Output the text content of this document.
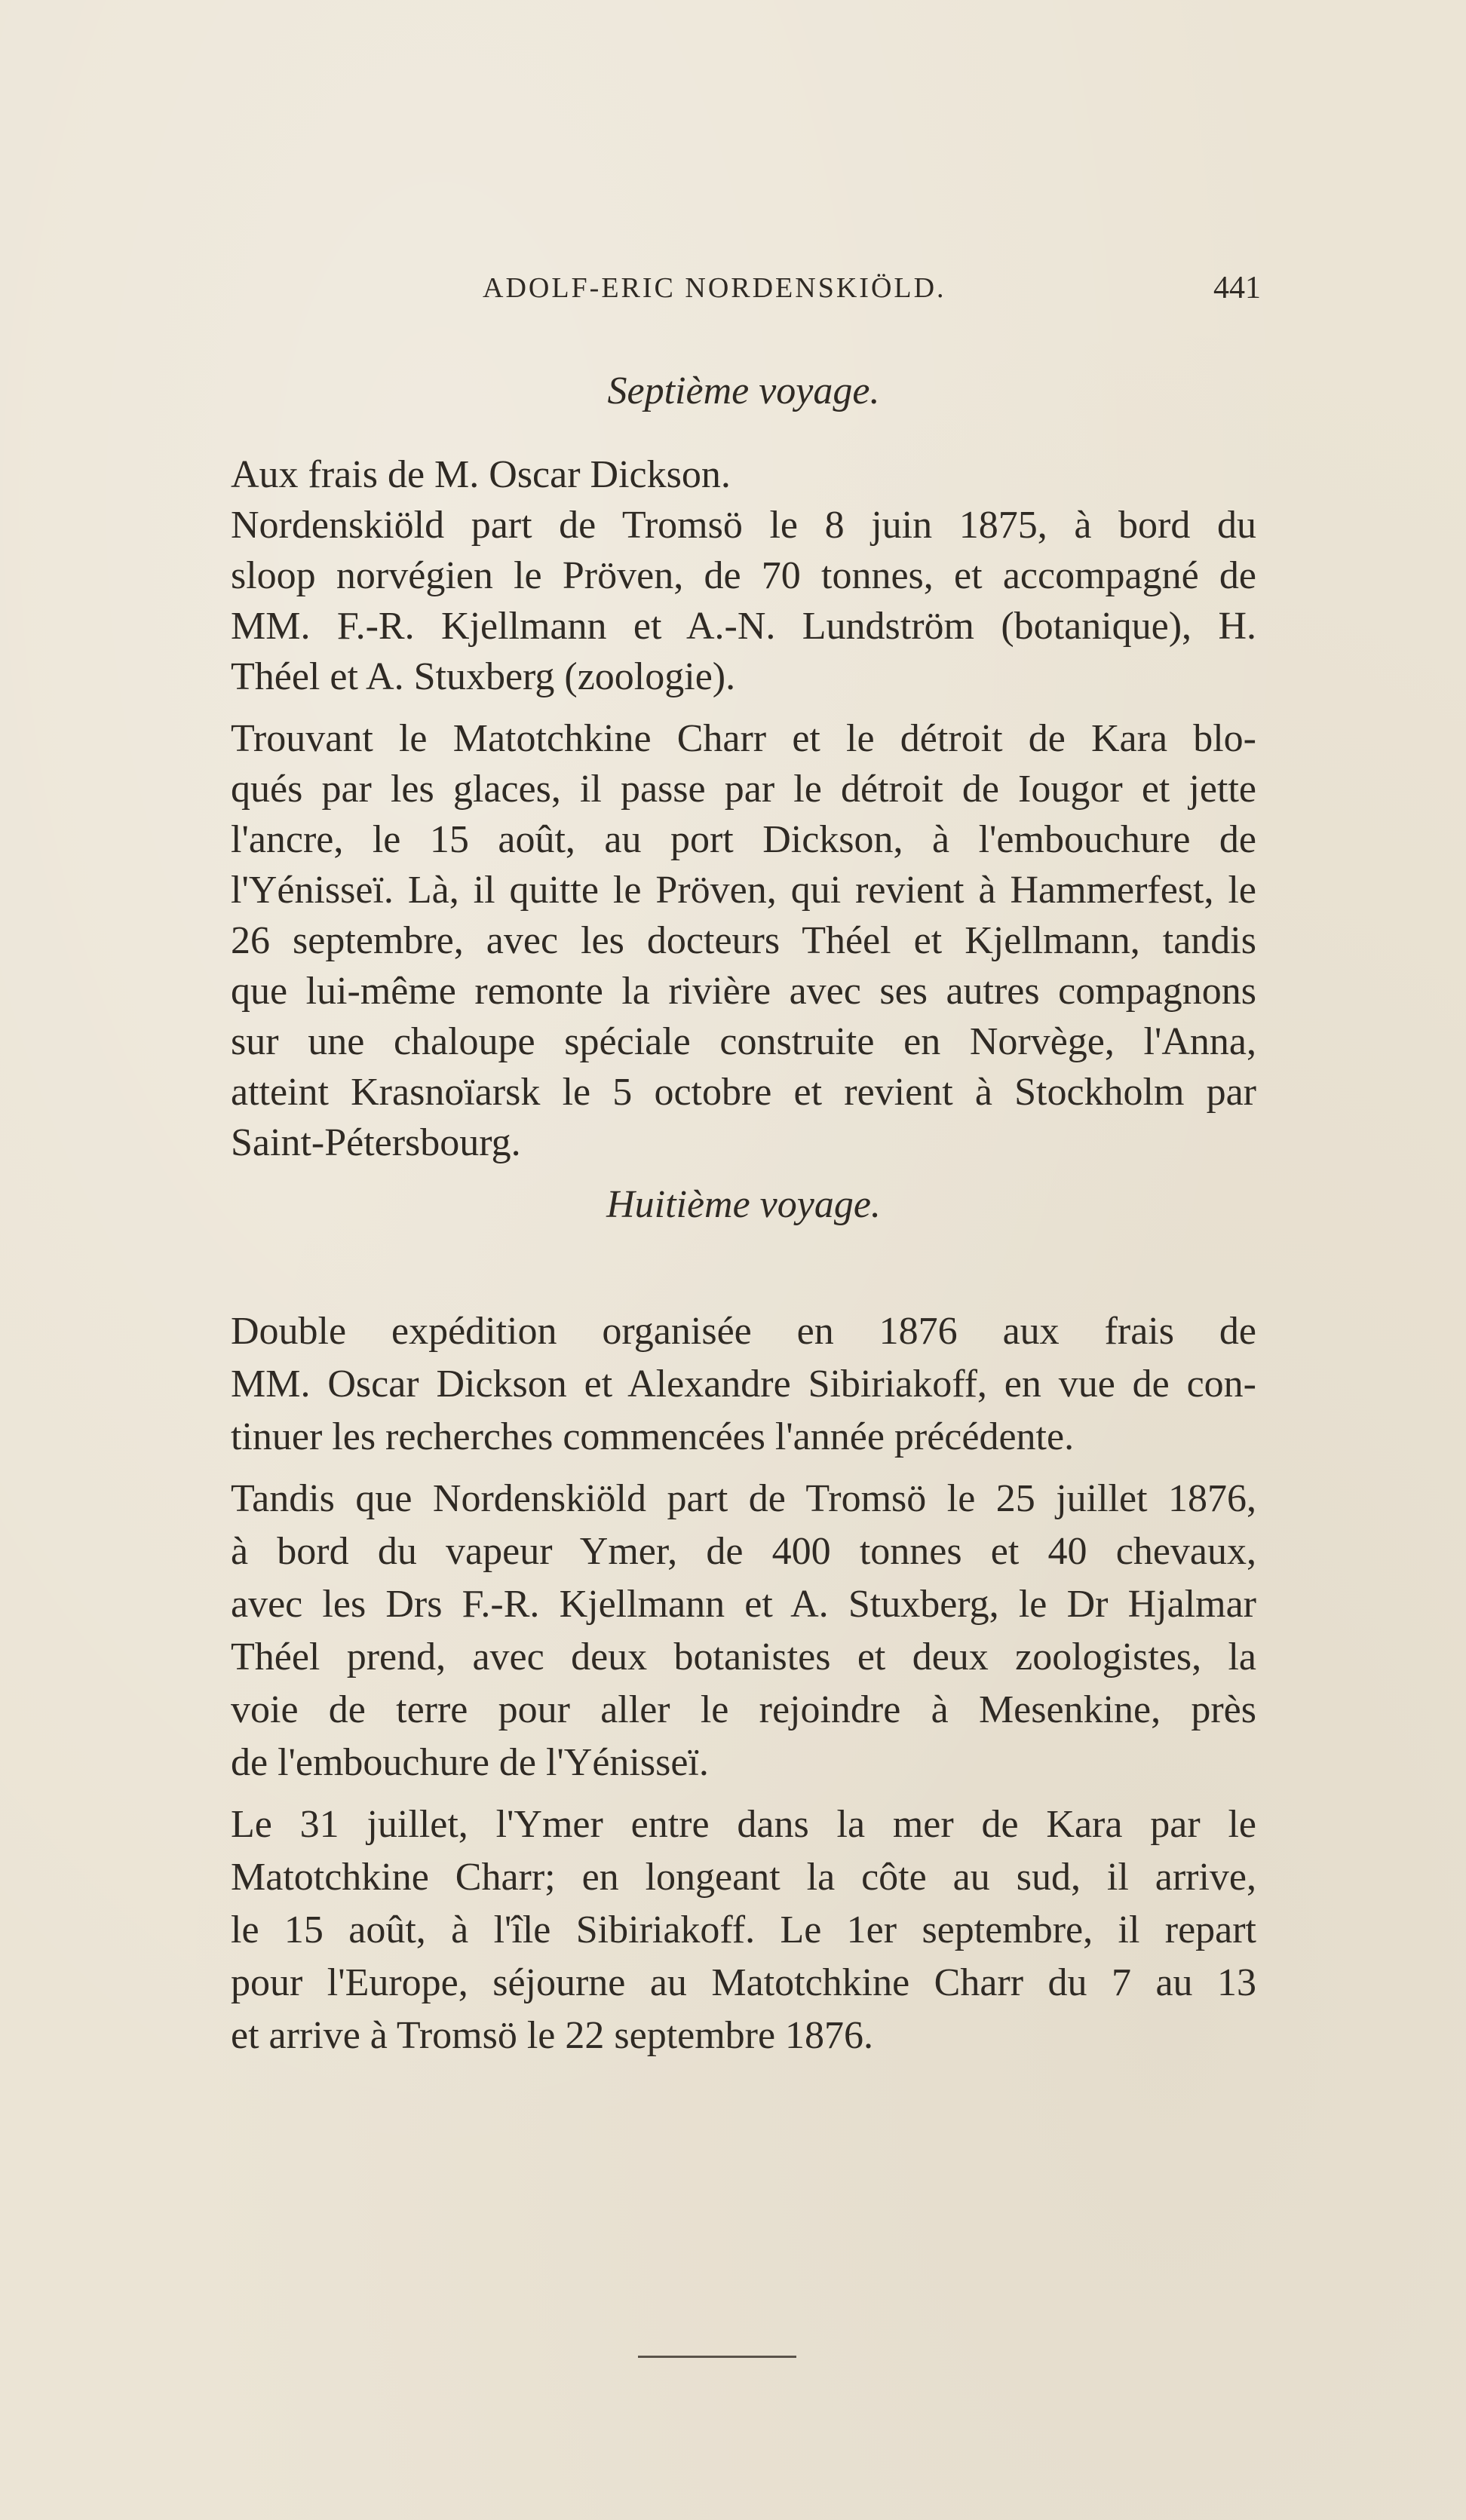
ADOLF-ERIC NORDENSKIÖLD.	441
Septième voyage.
Aux frais de M. Oscar Dickson.
Nordenskiöld part de Tromsö le 8 juin 1875, à bord du
sloop norvégien le Pröven, de 70 tonnes, et accompagné de
MM. F.-R. Kjellmann et A.-N. Lundström (botanique), H.
Théel et A. Stuxberg (zoologie).
Trouvant le Matotchkine Charr et le détroit de Kara blo-
qués par les glaces, il passe par le détroit de Iougor et jette
l'ancre, le 15 août, au port Dickson, à l'embouchure de
l'Yénisseï. Là, il quitte le Pröven, qui revient à Hammerfest, le
26 septembre, avec les docteurs Théel et Kjellmann, tandis
que lui-même remonte la rivière avec ses autres compagnons
sur une chaloupe spéciale construite en Norvège, l'Anna,
atteint Krasnoïarsk le 5 octobre et revient à Stockholm par
Saint-Pétersbourg.
Huitième voyage.
Double expédition organisée en 1876 aux frais de
MM. Oscar Dickson et Alexandre Sibiriakoff, en vue de con-
tinuer les recherches commencées l'année précédente.
Tandis que Nordenskiöld part de Tromsö le 25 juillet 1876,
à bord du vapeur Ymer, de 400 tonnes et 40 chevaux,
avec les Drs F.-R. Kjellmann et A. Stuxberg, le Dr Hjalmar
Théel prend, avec deux botanistes et deux zoologistes, la
voie de terre pour aller le rejoindre à Mesenkine, près
de l'embouchure de l'Yénisseï.
Le 31 juillet, l'Ymer entre dans la mer de Kara par le
Matotchkine Charr; en longeant la côte au sud, il arrive,
le 15 août, à l'île Sibiriakoff. Le 1er septembre, il repart
pour l'Europe, séjourne au Matotchkine Charr du 7 au 13
et arrive à Tromsö le 22 septembre 1876.
